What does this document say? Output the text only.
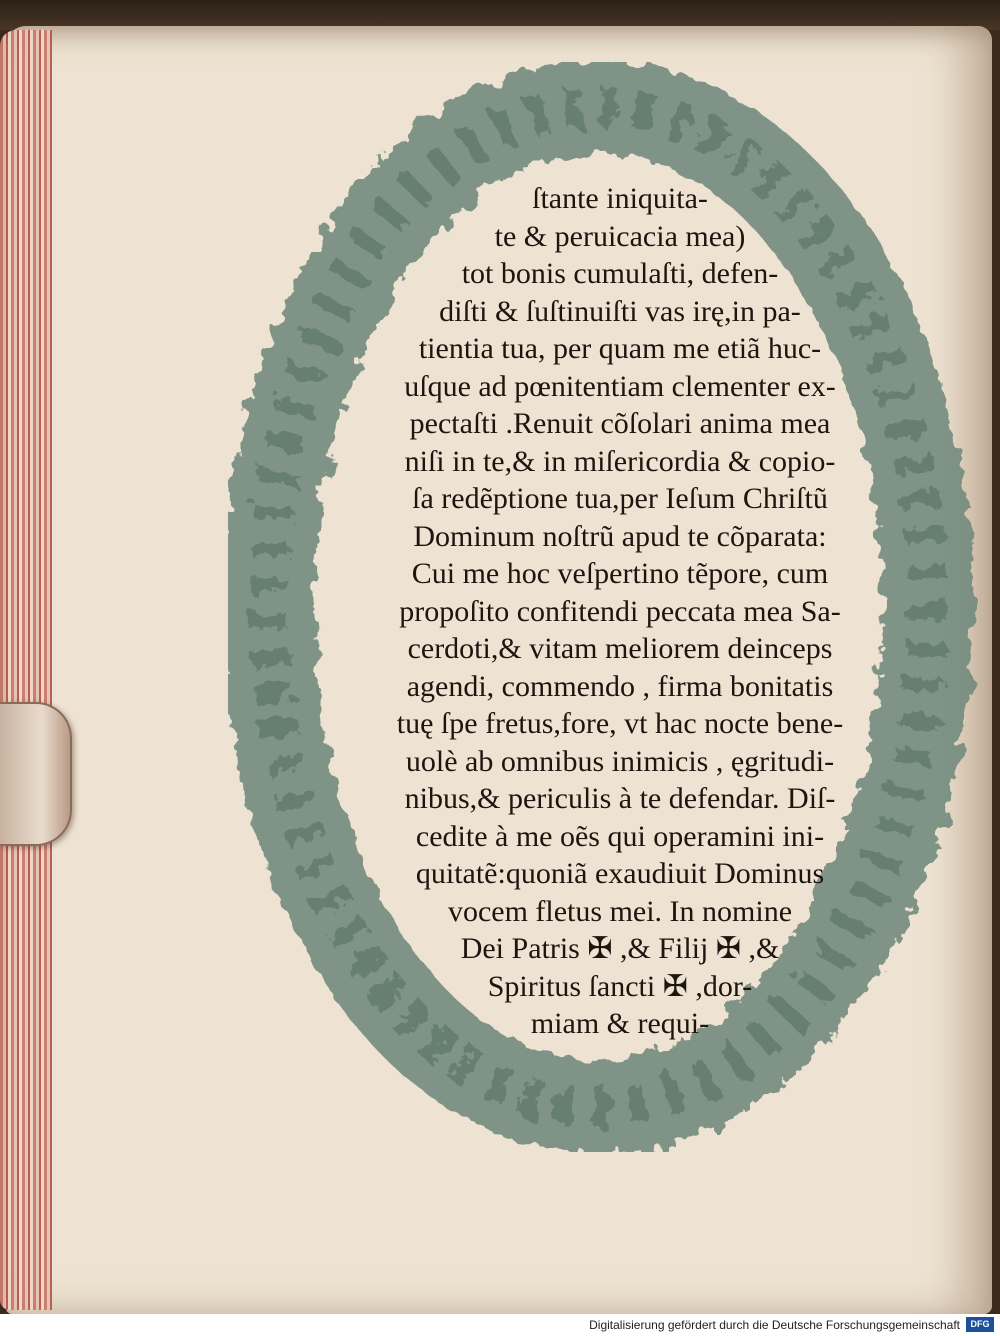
ſtante iniquita-
te & peruicacia mea)
tot bonis cumulaſti, defen-
diſti & ſuſtinuiſti vas irę,in pa-
tientia tua, per quam me etiã huc-
uſque ad pœnitentiam clementer ex-
pectaſti .Renuit cõſolari anima mea
niſi in te,& in miſericordia & copio-
ſa redẽptione tua,per Ieſum Chriſtũ
Dominum noſtrũ apud te cõparata:
Cui me hoc veſpertino tẽpore, cum
propoſito confitendi peccata mea Sa-
cerdoti,& vitam meliorem deinceps
agendi, commendo , firma bonitatis
tuę ſpe fretus,fore, vt hac nocte bene-
uolè ab omnibus inimicis , ęgritudi-
nibus,& periculis à te defendar. Diſ-
cedite à me oẽs qui operamini ini-
quitatẽ:quoniã exaudiuit Dominus
vocem fletus mei. In nomine
Dei Patris ✠ ,& Filij ✠ ,&
Spiritus ſancti ✠ ,dor-
miam & requi-
Digitalisierung gefördert durch die Deutsche Forschungsgemeinschaft	DFG
